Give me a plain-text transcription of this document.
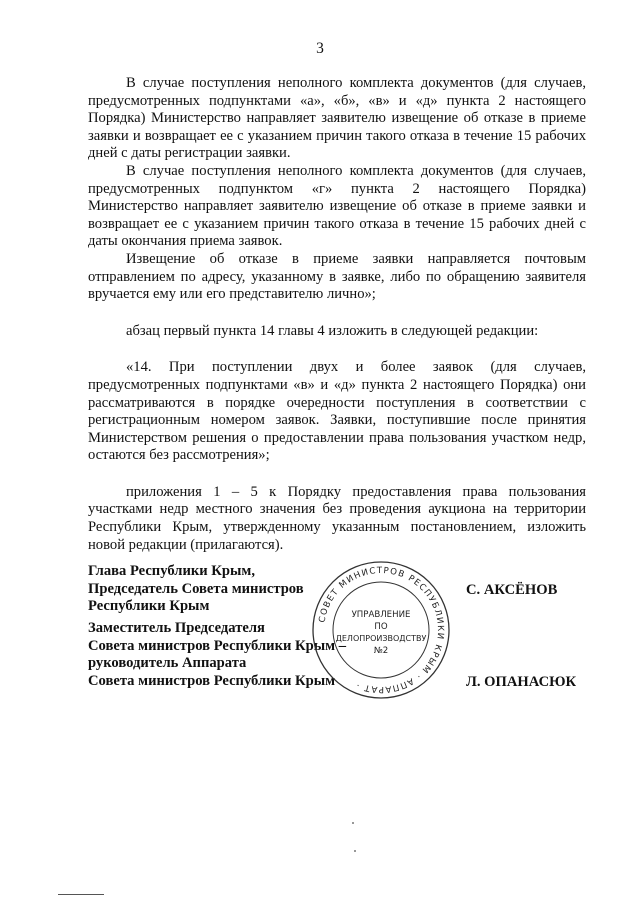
3

В случае поступления неполного комплекта документов (для случаев, предусмотренных подпунктами «а», «б», «в» и «д» пункта 2 настоящего Порядка) Министерство направляет заявителю извещение об отказе в приеме заявки и возвращает ее с указанием причин такого отказа в течение 15 рабочих дней с даты регистрации заявки.

В случае поступления неполного комплекта документов (для случаев, предусмотренных подпунктом «г» пункта 2 настоящего Порядка) Министерство направляет заявителю извещение об отказе в приеме заявки и возвращает ее с указанием причин такого отказа в течение 15 рабочих дней с даты окончания приема заявок.

Извещение об отказе в приеме заявки направляется почтовым отправлением по адресу, указанному в заявке, либо по обращению заявителя вручается ему или его представителю лично»;

абзац первый пункта 14 главы 4 изложить в следующей редакции:

«14. При поступлении двух и более заявок (для случаев, предусмотренных подпунктами «в» и «д» пункта 2 настоящего Порядка) они рассматриваются в порядке очередности поступления в соответствии с регистрационным номером заявок. Заявки, поступившие после принятия Министерством решения о предоставлении права пользования участком недр, остаются без рассмотрения»;

приложения 1 – 5 к Порядку предоставления права пользования участками недр местного значения без проведения аукциона на территории Республики Крым, утвержденному указанным постановлением, изложить новой редакции (прилагаются).

Глава Республики Крым,
Председатель Совета министров
Республики Крым
С. АКСЁНОВ
Заместитель Председателя
Совета министров Республики Крым –
руководитель Аппарата
Совета министров Республики Крым	Л. ОПАНАСЮК
СОВЕТ МИНИСТРОВ РЕСПУБЛИКИ КРЫМ · АППАРАТ ·
УПРАВЛЕНИЕ
ПО
ДЕЛОПРОИЗВОДСТВУ
№2
